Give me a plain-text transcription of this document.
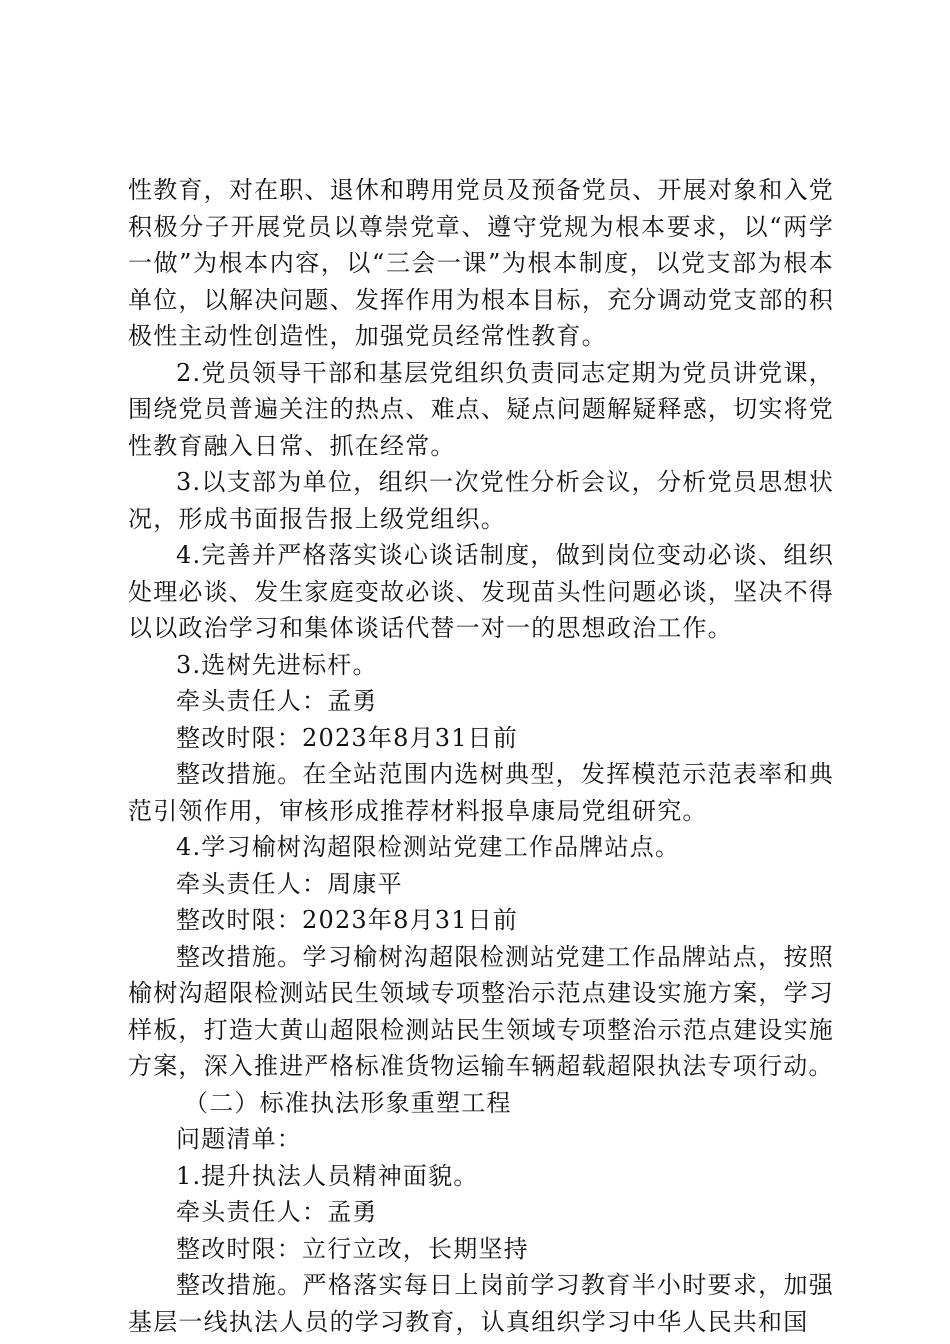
性教育，对在职、退休和聘用党员及预备党员、开展对象和入党积极分子开展党员以尊崇党章、遵守党规为根本要求，以“两学一做”为根本内容，以“三会一课”为根本制度，以党支部为根本单位，以解决问题、发挥作用为根本目标，充分调动党支部的积极性主动性创造性，加强党员经常性教育。

2.党员领导干部和基层党组织负责同志定期为党员讲党课，围绕党员普遍关注的热点、难点、疑点问题解疑释惑，切实将党性教育融入日常、抓在经常。

3.以支部为单位，组织一次党性分析会议，分析党员思想状况，形成书面报告报上级党组织。

4.完善并严格落实谈心谈话制度，做到岗位变动必谈、组织处理必谈、发生家庭变故必谈、发现苗头性问题必谈，坚决不得以以政治学习和集体谈话代替一对一的思想政治工作。

3.选树先进标杆。

牵头责任人：孟勇

整改时限：2023年8月31日前

整改措施。在全站范围内选树典型，发挥模范示范表率和典范引领作用，审核形成推荐材料报阜康局党组研究。

4.学习榆树沟超限检测站党建工作品牌站点。

牵头责任人：周康平

整改时限：2023年8月31日前

整改措施。学习榆树沟超限检测站党建工作品牌站点，按照榆树沟超限检测站民生领域专项整治示范点建设实施方案，学习样板，打造大黄山超限检测站民生领域专项整治示范点建设实施方案，深入推进严格标准货物运输车辆超载超限执法专项行动。

（二）标准执法形象重塑工程

问题清单：

1.提升执法人员精神面貌。

牵头责任人：孟勇

整改时限：立行立改，长期坚持

整改措施。严格落实每日上岗前学习教育半小时要求，加强基层一线执法人员的学习教育，认真组织学习中华人民共和国
